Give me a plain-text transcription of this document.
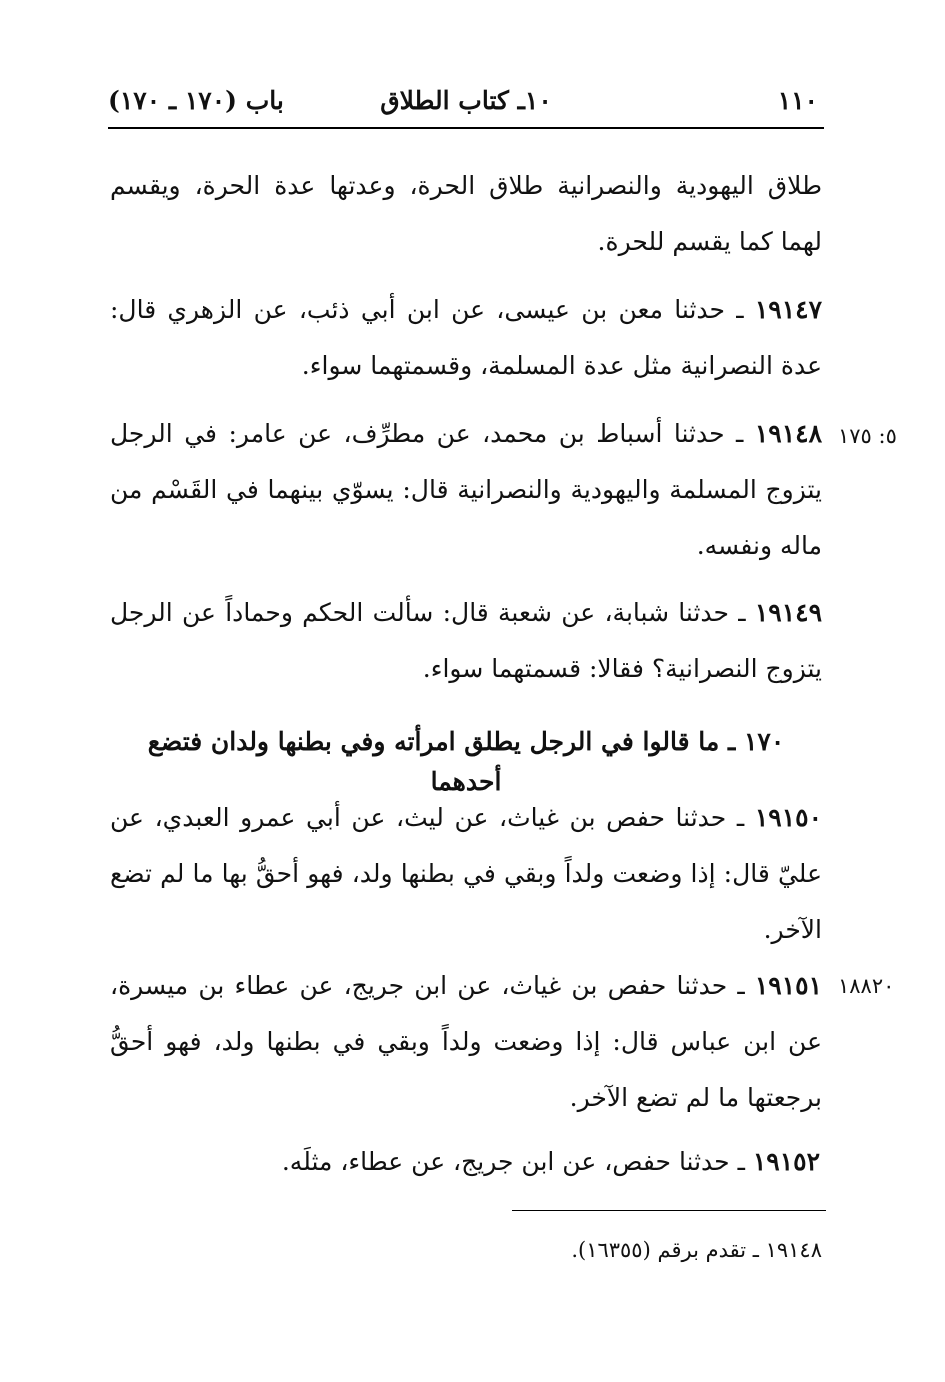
١١٠
١٠ـ كتاب الطلاق
باب (١٧٠ ـ ١٧٠)

طلاق اليهودية والنصرانية طلاق الحرة، وعدتها عدة الحرة، ويقسم لهما كما يقسم للحرة.

١٩١٤٧ ـ حدثنا معن بن عيسى، عن ابن أبي ذئب، عن الزهري قال: عدة النصرانية مثل عدة المسلمة، وقسمتهما سواء.

٥: ١٧٥

١٩١٤٨ ـ حدثنا أسباط بن محمد، عن مطرِّف، عن عامر: في الرجل يتزوج المسلمة واليهودية والنصرانية قال: يسوّي بينهما في القَسْم من ماله ونفسه.

١٩١٤٩ ـ حدثنا شبابة، عن شعبة قال: سألت الحكم وحماداً عن الرجل يتزوج النصرانية؟ فقالا: قسمتهما سواء.

١٧٠ ـ ما قالوا في الرجل يطلق امرأته وفي بطنها ولدان فتضع أحدهما

١٩١٥٠ ـ حدثنا حفص بن غياث، عن ليث، عن أبي عمرو العبدي، عن عليّ قال: إذا وضعت ولداً وبقي في بطنها ولد، فهو أحقُّ بها ما لم تضع الآخر.

١٨٨٢٠

١٩١٥١ ـ حدثنا حفص بن غياث، عن ابن جريج، عن عطاء بن ميسرة، عن ابن عباس قال: إذا وضعت ولداً وبقي في بطنها ولد، فهو أحقُّ برجعتها ما لم تضع الآخر.

١٩١٥٢ ـ حدثنا حفص، عن ابن جريج، عن عطاء، مثلَه.

١٩١٤٨ ـ تقدم برقم (١٦٣٥٥).
